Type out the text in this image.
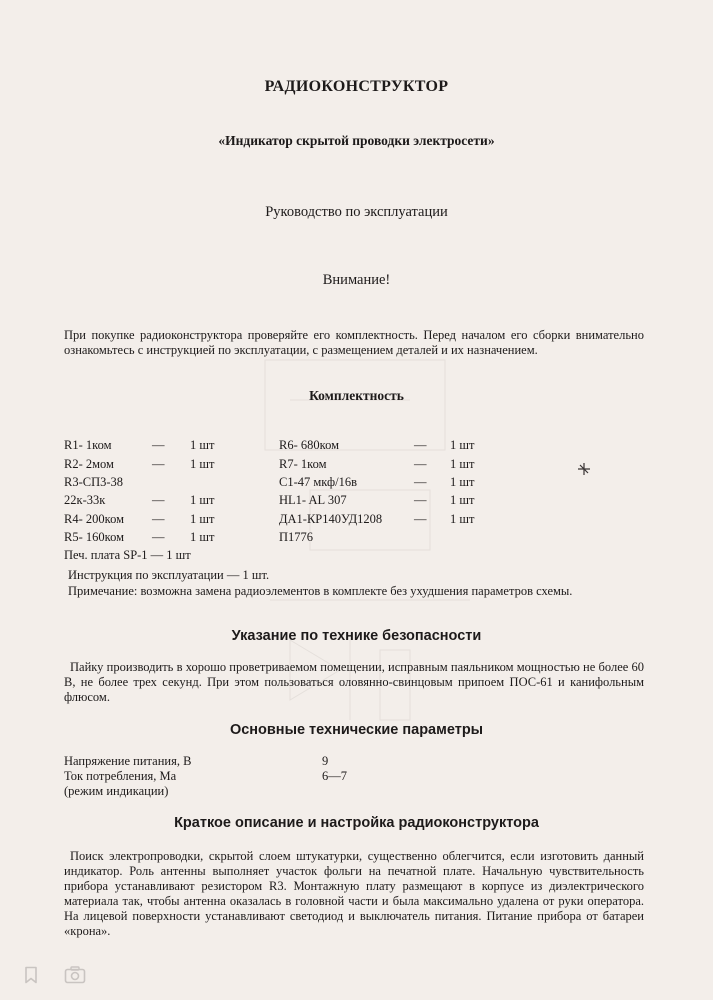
РАДИОКОНСТРУКТОР
«Индикатор скрытой проводки электросети»
Руководство по эксплуатации
Внимание!
При покупке радиоконструктора проверяйте его комплектность. Перед началом его сборки внимательно ознакомьтесь с инструкцией по эксплуатации, с размещением деталей и их назначением.
Комплектность
R1- 1ком	— 1 шт
R2- 2мом	— 1 шт
R3-СП3-38
22к-33к	— 1 шт
R4- 200ком — 1 шт
R5- 160ком — 1 шт
R6- 680ком	— 1 шт
R7- 1ком	— 1 шт
C1-47 мкф/16в	— 1 шт
HL1- AL 307	— 1 шт
ДА1-КР140УД1208	— 1 шт
П1776
Печ. плата SP-1 — 1 шт
Инструкция по эксплуатации — 1 шт.
Примечание: возможна замена радиоэлементов в комплекте без ухудшения параметров схемы.
Указание по технике безопасности
Пайку производить в хорошо проветриваемом помещении, исправным паяльником мощностью не более 60 В, не более трех секунд. При этом пользоваться оловянно-свинцовым припоем ПОС-61 и канифольным флюсом.
Основные технические параметры
Напряжение питания, В	9
Ток потребления, Ма	6—7
(режим индикации)
Краткое описание и настройка радиоконструктора
Поиск электропроводки, скрытой слоем штукатурки, существенно облегчится, если изготовить данный индикатор. Роль антенны выполняет участок фольги на печатной плате. Начальную чувствительность прибора устанавливают резистором R3. Монтажную плату размещают в корпусе из диэлектрического материала так, чтобы антенна оказалась в головной части и была максимально удалена от руки оператора. На лицевой поверхности устанавливают светодиод и выключатель питания. Питание прибора от батареи «крона».
